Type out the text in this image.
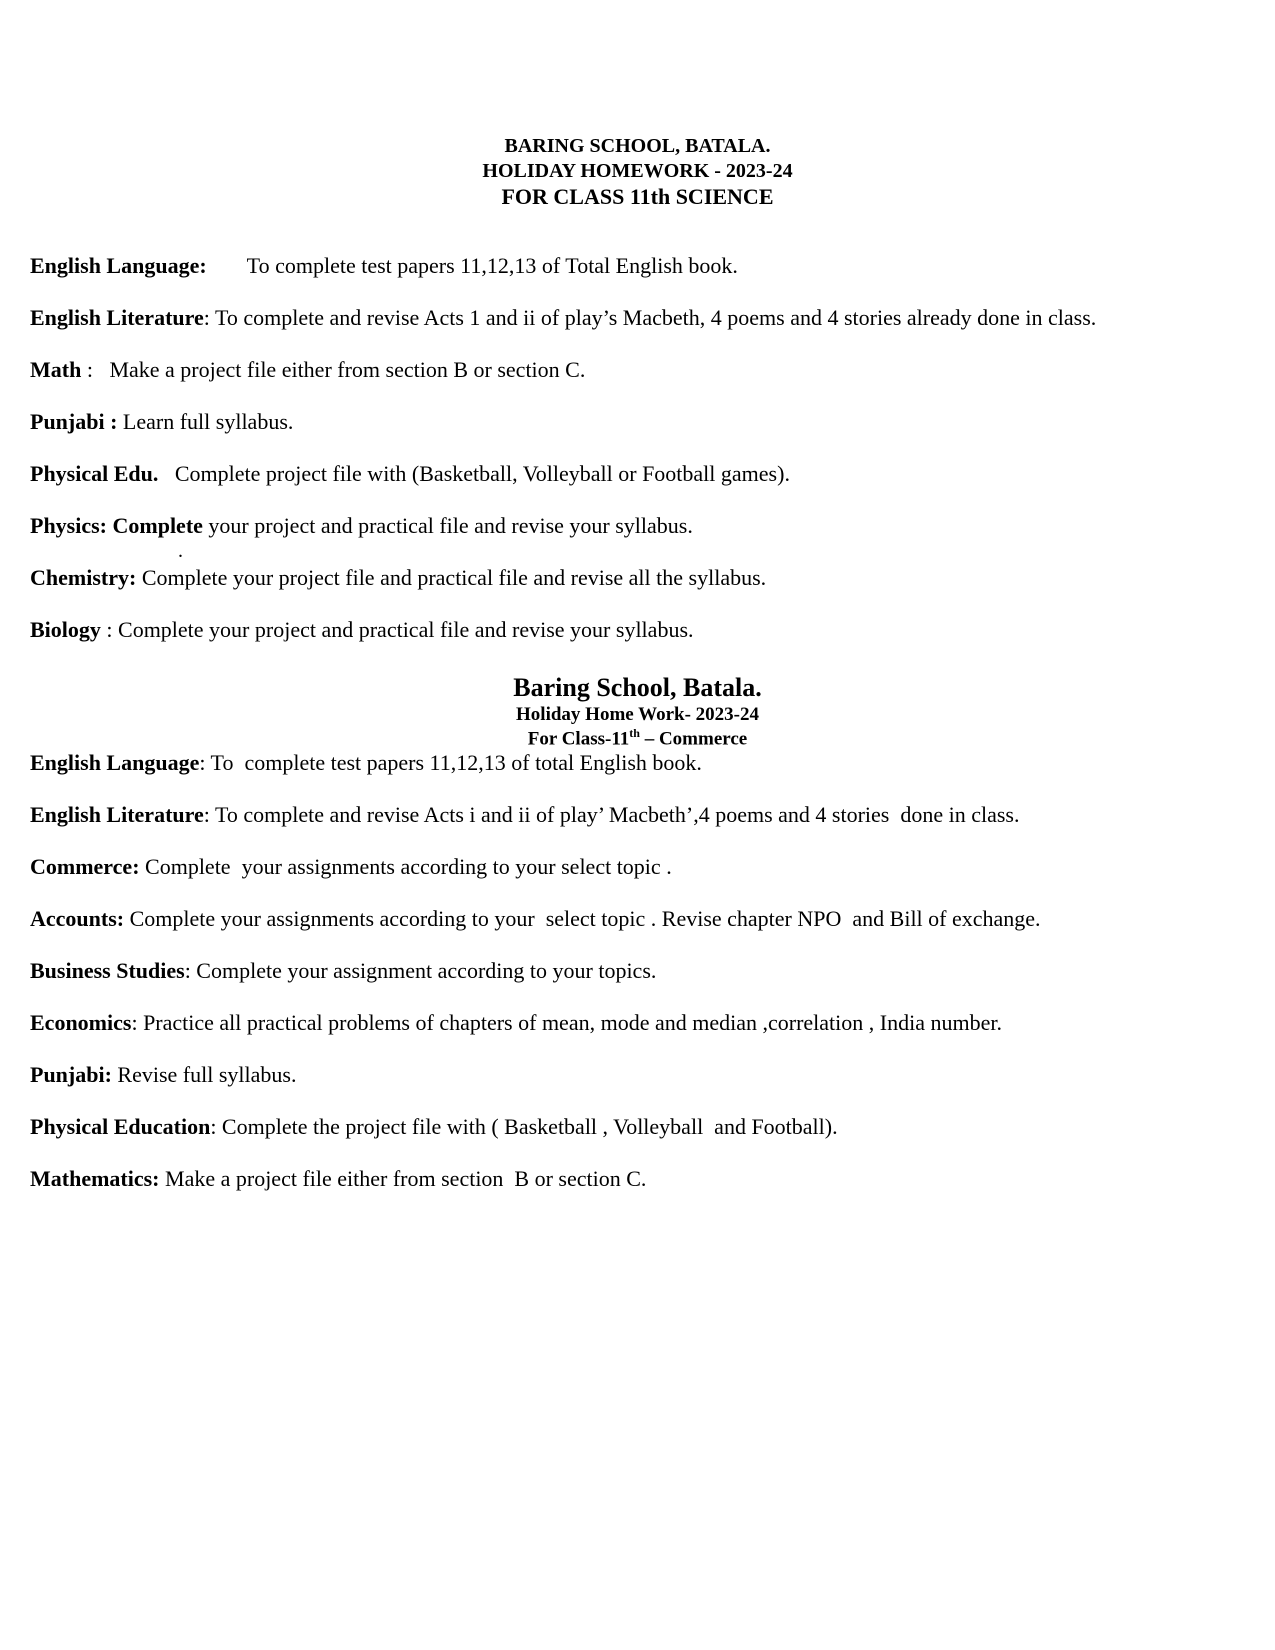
BARING SCHOOL, BATALA.
HOLIDAY HOMEWORK - 2023-24
FOR CLASS 11th SCIENCE
English Language: To complete test papers 11,12,13 of Total English book.
English Literature: To complete and revise Acts 1 and ii of play’s Macbeth, 4 poems and 4 stories already done in class.
Math :   Make a project file either from section B or section C.
Punjabi : Learn full syllabus.
Physical Edu.   Complete project file with (Basketball, Volleyball or Football games).
Physics: Complete your project and practical file and revise your syllabus.
.
Chemistry: Complete your project file and practical file and revise all the syllabus.
Biology : Complete your project and practical file and revise your syllabus.
Baring School, Batala.
Holiday Home Work- 2023-24
For Class-11th – Commerce
English Language: To  complete test papers 11,12,13 of total English book.
English Literature: To complete and revise Acts i and ii of play’ Macbeth’,4 poems and 4 stories  done in class.
Commerce: Complete  your assignments according to your select topic .
Accounts: Complete your assignments according to your  select topic . Revise chapter NPO  and Bill of exchange.
Business Studies: Complete your assignment according to your topics.
Economics: Practice all practical problems of chapters of mean, mode and median ,correlation , India number.
Punjabi: Revise full syllabus.
Physical Education: Complete the project file with ( Basketball , Volleyball  and Football).
Mathematics: Make a project file either from section  B or section C.
